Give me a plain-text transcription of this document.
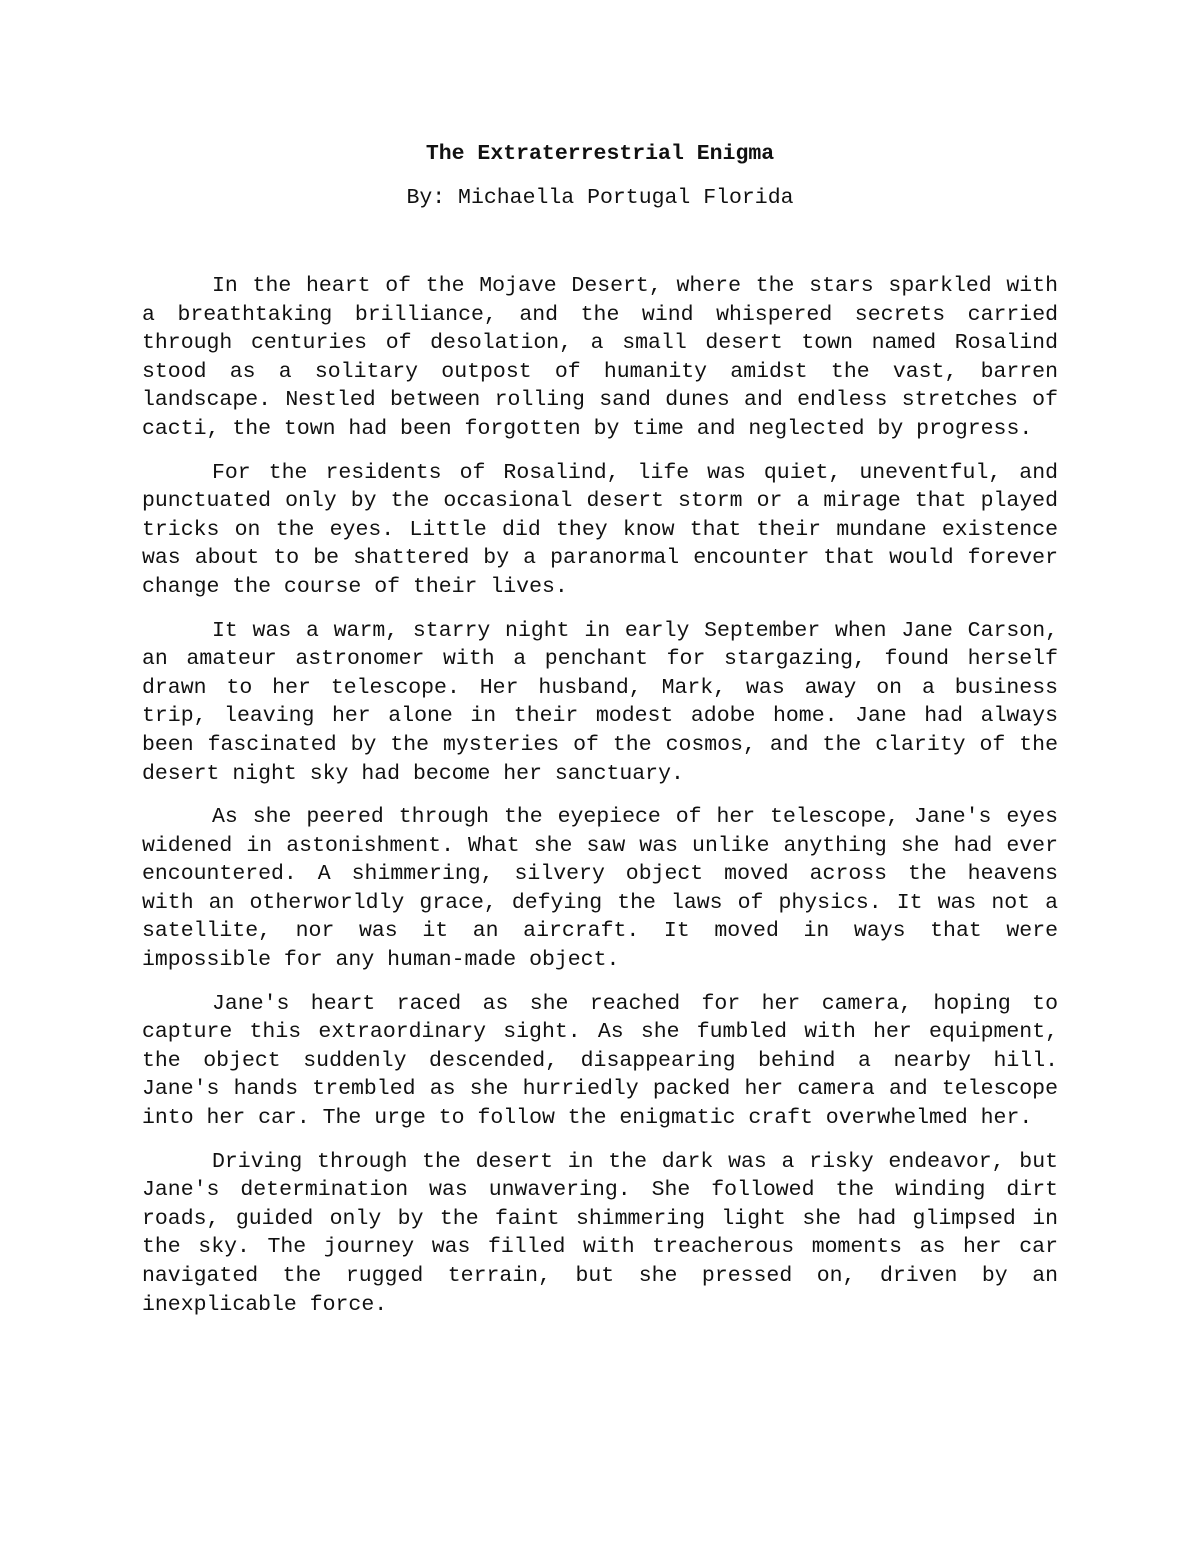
The Extraterrestrial Enigma

By: Michaella Portugal Florida

In the heart of the Mojave Desert, where the stars sparkled with a breathtaking brilliance, and the wind whispered secrets carried through centuries of desolation, a small desert town named Rosalind stood as a solitary outpost of humanity amidst the vast, barren landscape. Nestled between rolling sand dunes and endless stretches of cacti, the town had been forgotten by time and neglected by progress.

For the residents of Rosalind, life was quiet, uneventful, and punctuated only by the occasional desert storm or a mirage that played tricks on the eyes. Little did they know that their mundane existence was about to be shattered by a paranormal encounter that would forever change the course of their lives.

It was a warm, starry night in early September when Jane Carson, an amateur astronomer with a penchant for stargazing, found herself drawn to her telescope. Her husband, Mark, was away on a business trip, leaving her alone in their modest adobe home. Jane had always been fascinated by the mysteries of the cosmos, and the clarity of the desert night sky had become her sanctuary.

As she peered through the eyepiece of her telescope, Jane's eyes widened in astonishment. What she saw was unlike anything she had ever encountered. A shimmering, silvery object moved across the heavens with an otherworldly grace, defying the laws of physics. It was not a satellite, nor was it an aircraft. It moved in ways that were impossible for any human-made object.

Jane's heart raced as she reached for her camera, hoping to capture this extraordinary sight. As she fumbled with her equipment, the object suddenly descended, disappearing behind a nearby hill. Jane's hands trembled as she hurriedly packed her camera and telescope into her car. The urge to follow the enigmatic craft overwhelmed her.

Driving through the desert in the dark was a risky endeavor, but Jane's determination was unwavering. She followed the winding dirt roads, guided only by the faint shimmering light she had glimpsed in the sky. The journey was filled with treacherous moments as her car navigated the rugged terrain, but she pressed on, driven by an inexplicable force.
